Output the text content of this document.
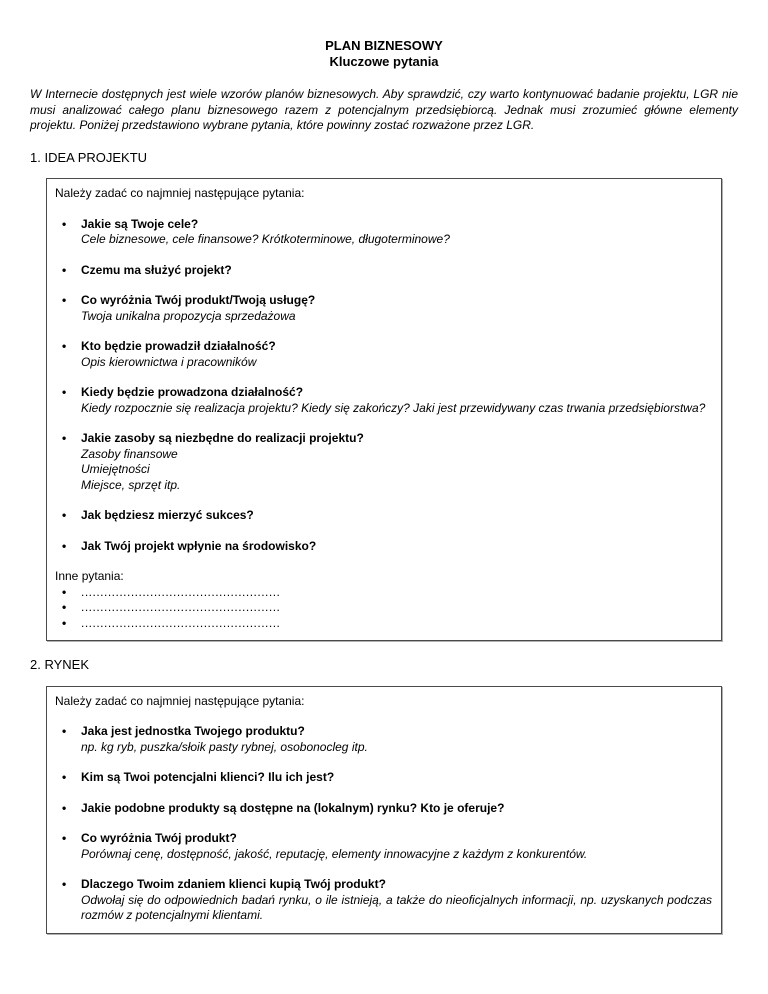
PLAN BIZNESOWY
Kluczowe pytania

W Internecie dostępnych jest wiele wzorów planów biznesowych. Aby sprawdzić, czy warto kontynuować badanie projektu, LGR nie musi analizować całego planu biznesowego razem z potencjalnym przedsiębiorcą. Jednak musi zrozumieć główne elementy projektu. Poniżej przedstawiono wybrane pytania, które powinny zostać rozważone przez LGR.

1. IDEA PROJEKTU
Należy zadać co najmniej następujące pytania:
•	Jakie są Twoje cele?
Cele biznesowe, cele finansowe? Krótkoterminowe, długoterminowe?
•	Czemu ma służyć projekt?
•	Co wyróżnia Twój produkt/Twoją usługę?
Twoja unikalna propozycja sprzedażowa
•	Kto będzie prowadził działalność?
Opis kierownictwa i pracowników
•	Kiedy będzie prowadzona działalność?
Kiedy rozpocznie się realizacja projektu? Kiedy się zakończy? Jaki jest przewidywany czas trwania przedsiębiorstwa?
•	Jakie zasoby są niezbędne do realizacji projektu?
Zasoby finansowe
Umiejętności
Miejsce, sprzęt itp.
•	Jak będziesz mierzyć sukces?
•	Jak Twój projekt wpłynie na środowisko?
Inne pytania:
•	....................................................
•	....................................................
•	....................................................
2. RYNEK
Należy zadać co najmniej następujące pytania:
•	Jaka jest jednostka Twojego produktu?
np. kg ryb, puszka/słoik pasty rybnej, osobonocleg itp.
•	Kim są Twoi potencjalni klienci? Ilu ich jest?
•	Jakie podobne produkty są dostępne na (lokalnym) rynku? Kto je oferuje?
•	Co wyróżnia Twój produkt?
Porównaj cenę, dostępność, jakość, reputację, elementy innowacyjne z każdym z konkurentów.
•	Dlaczego Twoim zdaniem klienci kupią Twój produkt?
Odwołaj się do odpowiednich badań rynku, o ile istnieją, a także do nieoficjalnych informacji, np. uzyskanych podczas rozmów z potencjalnymi klientami.
